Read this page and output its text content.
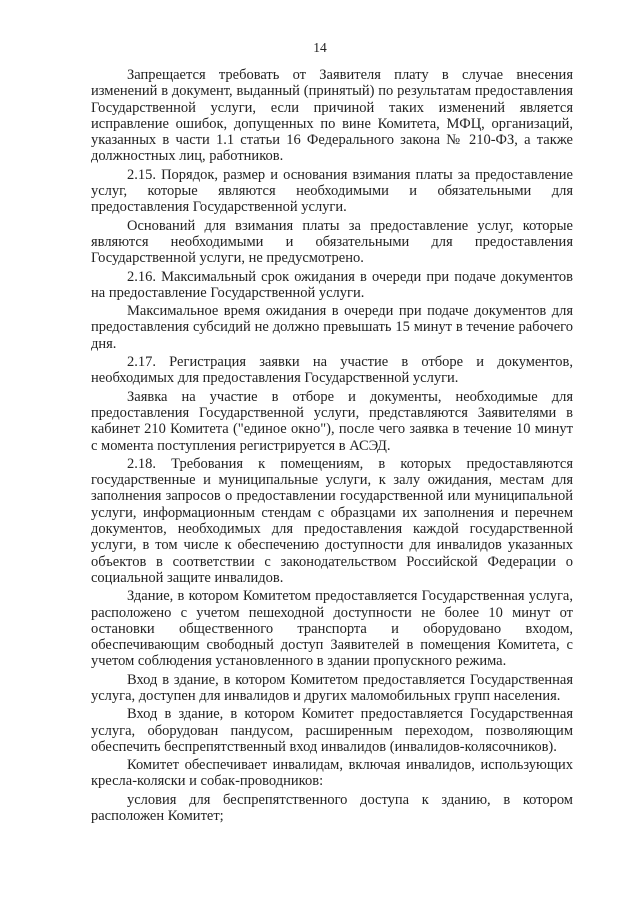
14

Запрещается требовать от Заявителя плату в случае внесения изменений в документ, выданный (принятый) по результатам предоставления Государственной услуги, если причиной таких изменений является исправление ошибок, допущенных по вине Комитета, МФЦ, организаций, указанных в части 1.1 статьи 16 Федерального закона № 210-ФЗ, а также должностных лиц, работников.

2.15. Порядок, размер и основания взимания платы за предоставление услуг, которые являются необходимыми и обязательными для предоставления Государственной услуги.

Оснований для взимания платы за предоставление услуг, которые являются необходимыми и обязательными для предоставления Государственной услуги, не предусмотрено.

2.16. Максимальный срок ожидания в очереди при подаче документов на предоставление Государственной услуги.

Максимальное время ожидания в очереди при подаче документов для предоставления субсидий не должно превышать 15 минут в течение рабочего дня.

2.17. Регистрация заявки на участие в отборе и документов, необходимых для предоставления Государственной услуги.

Заявка на участие в отборе и документы, необходимые для предоставления Государственной услуги, представляются Заявителями в кабинет 210 Комитета ("единое окно"), после чего заявка в течение 10 минут с момента поступления регистрируется в АСЭД.

2.18. Требования к помещениям, в которых предоставляются государственные и муниципальные услуги, к залу ожидания, местам для заполнения запросов о предоставлении государственной или муниципальной услуги, информационным стендам с образцами их заполнения и перечнем документов, необходимых для предоставления каждой государственной услуги, в том числе к обеспечению доступности для инвалидов указанных объектов в соответствии с законодательством Российской Федерации о социальной защите инвалидов.

Здание, в котором Комитетом предоставляется Государственная услуга, расположено с учетом пешеходной доступности не более 10 минут от остановки общественного транспорта и оборудовано входом, обеспечивающим свободный доступ Заявителей в помещения Комитета, с учетом соблюдения установленного в здании пропускного режима.

Вход в здание, в котором Комитетом предоставляется Государственная услуга, доступен для инвалидов и других маломобильных групп населения.

Вход в здание, в котором Комитет предоставляется Государственная услуга, оборудован пандусом, расширенным переходом, позволяющим обеспечить беспрепятственный вход инвалидов (инвалидов-колясочников).

Комитет обеспечивает инвалидам, включая инвалидов, использующих кресла-коляски и собак-проводников:

условия для беспрепятственного доступа к зданию, в котором расположен Комитет;
